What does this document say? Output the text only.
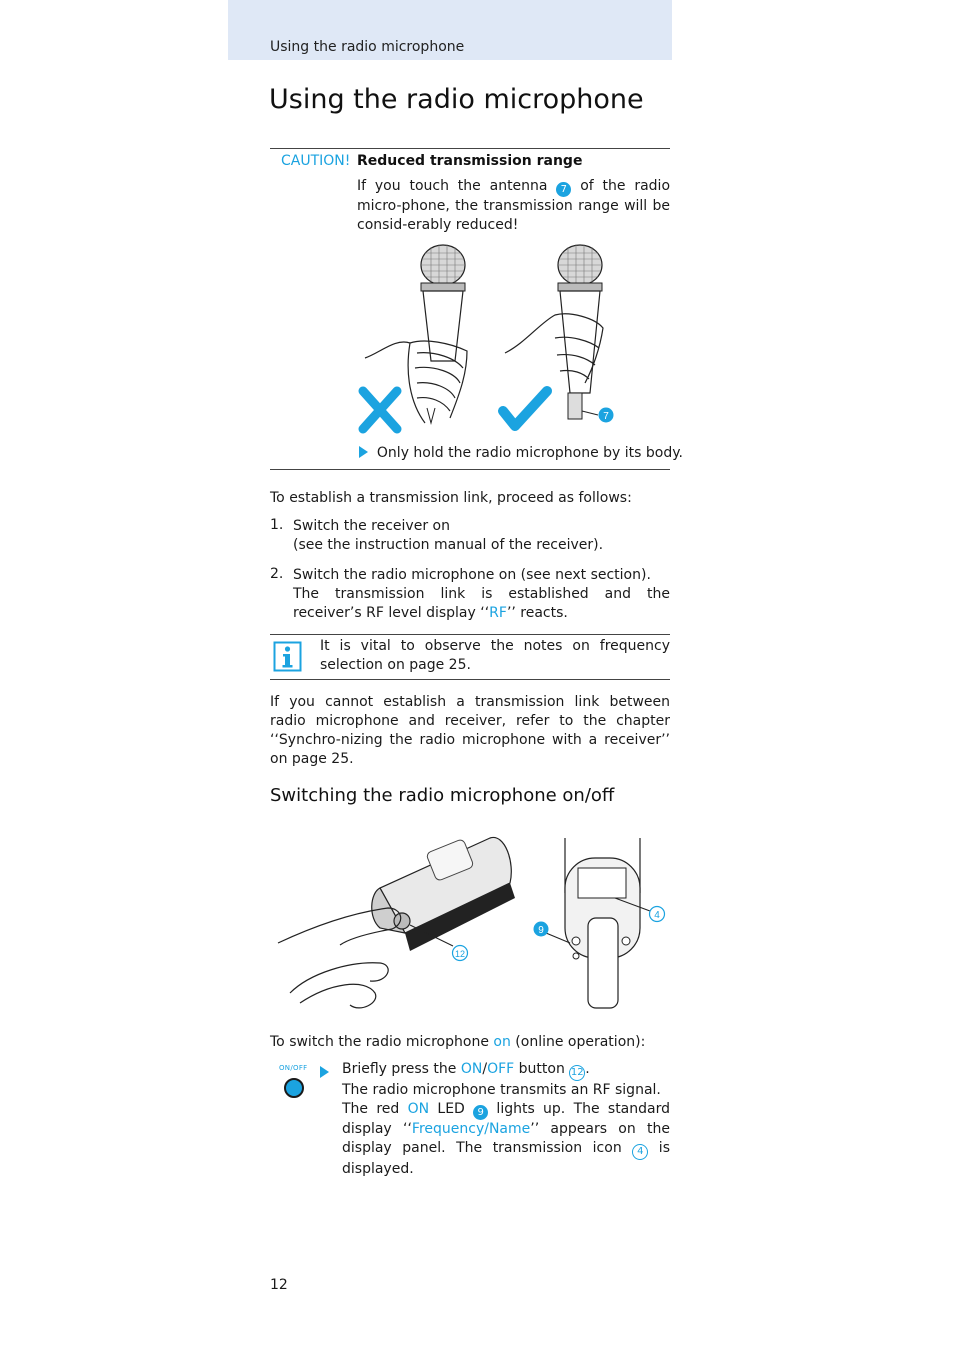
Using the radio microphone
Using the radio microphone
CAUTION! Reduced transmission range
If you touch the antenna 7 of the radio micro-phone, the transmission range will be consid-erably reduced!
7
Only hold the radio microphone by its body.
To establish a transmission link, proceed as follows:
1. Switch the receiver on
(see the instruction manual of the receiver).
2. Switch the radio microphone on (see next section).
The transmission link is established and the receiver’s RF level display ‘‘RF’’ reacts.
It is vital to observe the notes on frequency selection on page 25.
If you cannot establish a transmission link between radio microphone and receiver, refer to the chapter ‘‘Synchro-nizing the radio microphone with a receiver’’ on page 25.
Switching the radio microphone on/off
12
9
4
To switch the radio microphone on (online operation):
ON/OFF Briefly press the ON/OFF button 12 .
The radio microphone transmits an RF signal.
The red ON LED 9 lights up. The standard display ‘‘Frequency/Name’’ appears on the display panel. The transmission icon 4 is displayed.
12
